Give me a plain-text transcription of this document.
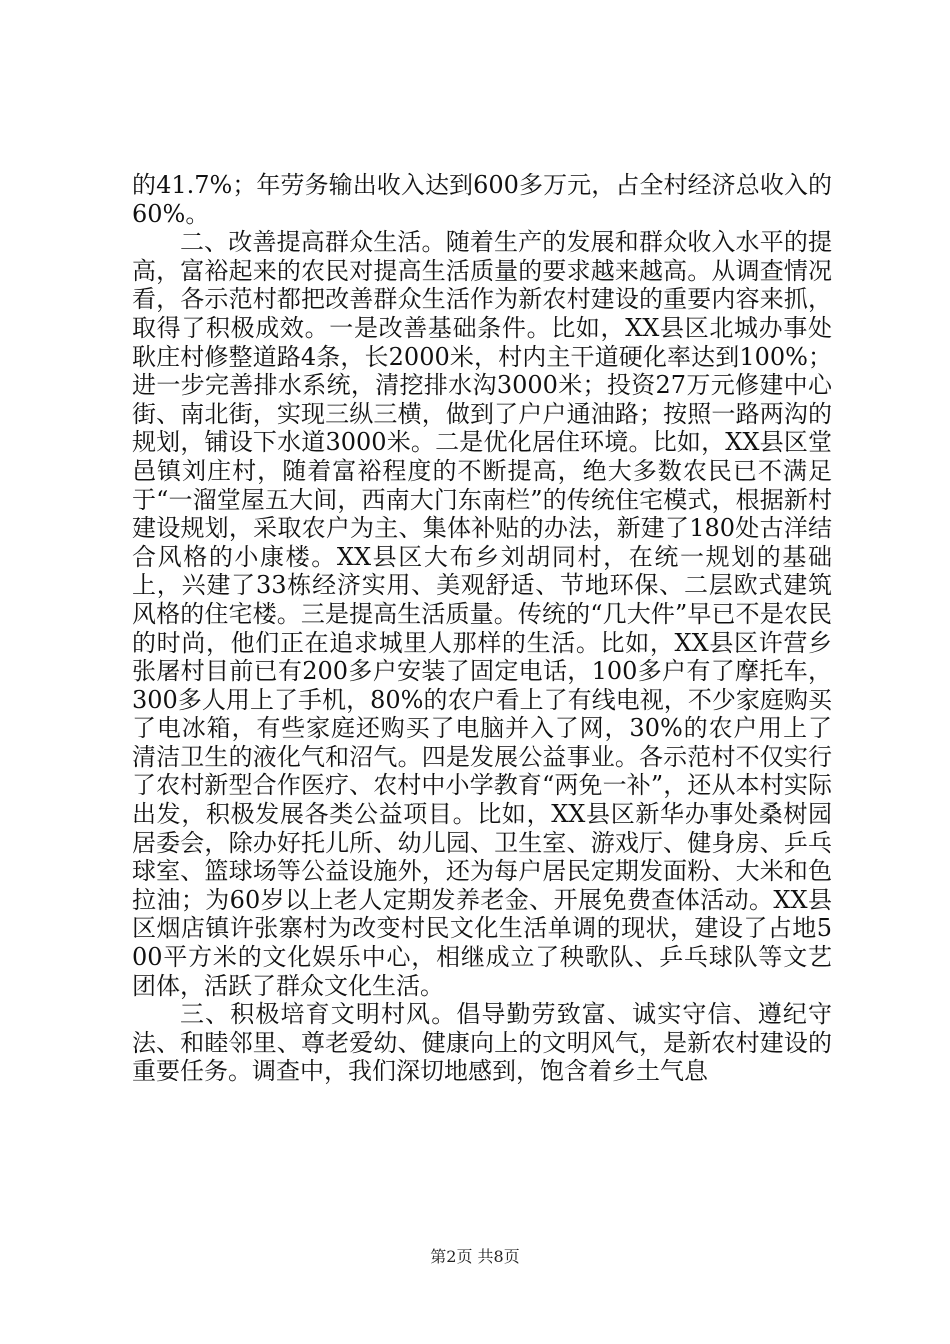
的41.7%；年劳务输出收入达到600多万元，占全村经济总收入的60%。

二、改善提高群众生活。随着生产的发展和群众收入水平的提高，富裕起来的农民对提高生活质量的要求越来越高。从调查情况看，各示范村都把改善群众生活作为新农村建设的重要内容来抓，取得了积极成效。一是改善基础条件。比如，XX县区北城办事处耿庄村修整道路4条，长2000米，村内主干道硬化率达到100%；进一步完善排水系统，清挖排水沟3000米；投资27万元修建中心街、南北街，实现三纵三横，做到了户户通油路；按照一路两沟的规划，铺设下水道3000米。二是优化居住环境。比如，XX县区堂邑镇刘庄村，随着富裕程度的不断提高，绝大多数农民已不满足于“一溜堂屋五大间，西南大门东南栏”的传统住宅模式，根据新村建设规划，采取农户为主、集体补贴的办法，新建了180处古洋结合风格的小康楼。XX县区大布乡刘胡同村，在统一规划的基础上，兴建了33栋经济实用、美观舒适、节地环保、二层欧式建筑风格的住宅楼。三是提高生活质量。传统的“几大件”早已不是农民的时尚，他们正在追求城里人那样的生活。比如，XX县区许营乡张屠村目前已有200多户安装了固定电话，100多户有了摩托车，300多人用上了手机，80%的农户看上了有线电视，不少家庭购买了电冰箱，有些家庭还购买了电脑并入了网，30%的农户用上了清洁卫生的液化气和沼气。四是发展公益事业。各示范村不仅实行了农村新型合作医疗、农村中小学教育“两免一补”，还从本村实际出发，积极发展各类公益项目。比如，XX县区新华办事处桑树园居委会，除办好托儿所、幼儿园、卫生室、游戏厅、健身房、乒乓球室、篮球场等公益设施外，还为每户居民定期发面粉、大米和色拉油；为60岁以上老人定期发养老金、开展免费查体活动。XX县区烟店镇许张寨村为改变村民文化生活单调的现状，建设了占地500平方米的文化娱乐中心，相继成立了秧歌队、乒乓球队等文艺团体，活跃了群众文化生活。

三、积极培育文明村风。倡导勤劳致富、诚实守信、遵纪守法、和睦邻里、尊老爱幼、健康向上的文明风气，是新农村建设的重要任务。调查中，我们深切地感到，饱含着乡土气息

第2页 共8页
